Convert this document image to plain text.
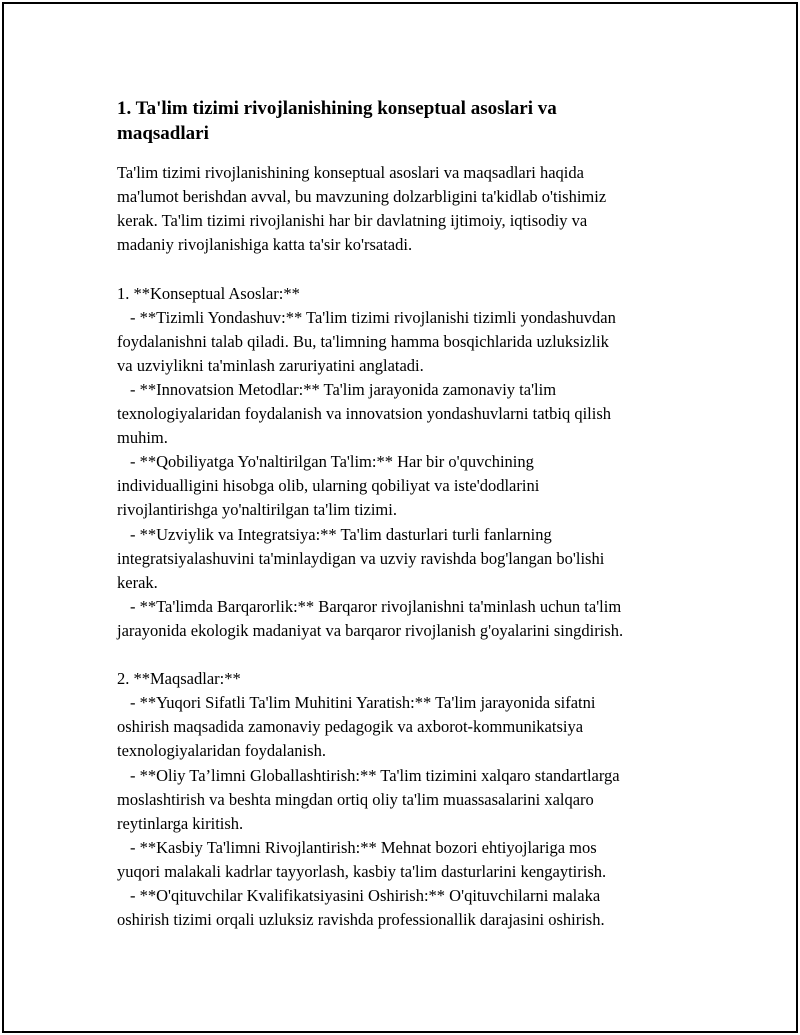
1. Ta'lim tizimi rivojlanishining konseptual asoslari va
maqsadlari
Ta'lim tizimi rivojlanishining konseptual asoslari va maqsadlari haqida
ma'lumot berishdan avval, bu mavzuning dolzarbligini ta'kidlab o'tishimiz
kerak. Ta'lim tizimi rivojlanishi har bir davlatning ijtimoiy, iqtisodiy va
madaniy rivojlanishiga katta ta'sir ko'rsatadi.
1. **Konseptual Asoslar:**
- **Tizimli Yondashuv:** Ta'lim tizimi rivojlanishi tizimli yondashuvdan
foydalanishni talab qiladi. Bu, ta'limning hamma bosqichlarida uzluksizlik
va uzviylikni ta'minlash zaruriyatini anglatadi.
- **Innovatsion Metodlar:** Ta'lim jarayonida zamonaviy ta'lim
texnologiyalaridan foydalanish va innovatsion yondashuvlarni tatbiq qilish
muhim.
- **Qobiliyatga Yo'naltirilgan Ta'lim:** Har bir o'quvchining
individualligini hisobga olib, ularning qobiliyat va iste'dodlarini
rivojlantirishga yo'naltirilgan ta'lim tizimi.
- **Uzviylik va Integratsiya:** Ta'lim dasturlari turli fanlarning
integratsiyalashuvini ta'minlaydigan va uzviy ravishda bog'langan bo'lishi
kerak.
- **Ta'limda Barqarorlik:** Barqaror rivojlanishni ta'minlash uchun ta'lim
jarayonida ekologik madaniyat va barqaror rivojlanish g'oyalarini singdirish.
2. **Maqsadlar:**
- **Yuqori Sifatli Ta'lim Muhitini Yaratish:** Ta'lim jarayonida sifatni
oshirish maqsadida zamonaviy pedagogik va axborot-kommunikatsiya
texnologiyalaridan foydalanish.
- **Oliy Ta’limni Globallashtirish:** Ta'lim tizimini xalqaro standartlarga
moslashtirish va beshta mingdan ortiq oliy ta'lim muassasalarini xalqaro
reytinlarga kiritish.
- **Kasbiy Ta'limni Rivojlantirish:** Mehnat bozori ehtiyojlariga mos
yuqori malakali kadrlar tayyorlash, kasbiy ta'lim dasturlarini kengaytirish.
- **O'qituvchilar Kvalifikatsiyasini Oshirish:** O'qituvchilarni malaka
oshirish tizimi orqali uzluksiz ravishda professionallik darajasini oshirish.
